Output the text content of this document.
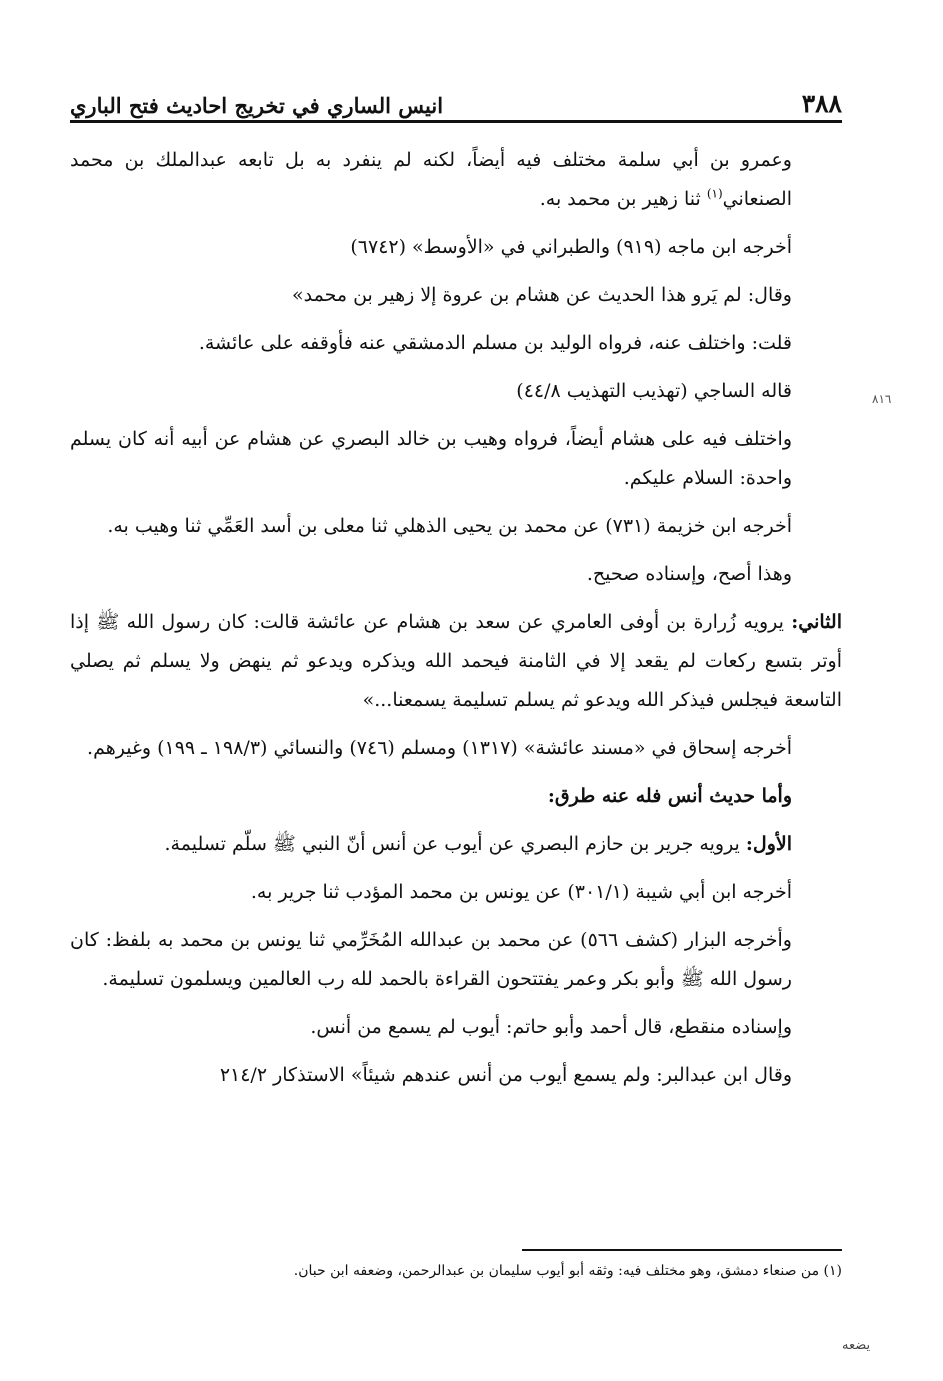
٣٨٨
انيس الساري في تخريج احاديث فتح الباري

وعمرو بن أبي سلمة مختلف فيه أيضاً، لكنه لم ينفرد به بل تابعه عبدالملك بن محمد الصنعاني$^{(١)}$ ثنا زهير بن محمد به.

أخرجه ابن ماجه (٩١٩) والطبراني في «الأوسط» (٦٧٤٢)

وقال: لم يَرو هذا الحديث عن هشام بن عروة إلا زهير بن محمد»

قلت: واختلف عنه، فرواه الوليد بن مسلم الدمشقي عنه فأوقفه على عائشة.

قاله الساجي (تهذيب التهذيب ٤٤/٨)

واختلف فيه على هشام أيضاً، فرواه وهيب بن خالد البصري عن هشام عن أبيه أنه كان يسلم واحدة: السلام عليكم.

أخرجه ابن خزيمة (٧٣١) عن محمد بن يحيى الذهلي ثنا معلى بن أسد العَمِّي ثنا وهيب به.

وهذا أصح، وإسناده صحيح.

الثاني: يرويه زُرارة بن أوفى العامري عن سعد بن هشام عن عائشة قالت: كان رسول الله ﷺ إذا أوتر بتسع ركعات لم يقعد إلا في الثامنة فيحمد الله ويذكره ويدعو ثم ينهض ولا يسلم ثم يصلي التاسعة فيجلس فيذكر الله ويدعو ثم يسلم تسليمة يسمعنا...»

أخرجه إسحاق في «مسند عائشة» (١٣١٧) ومسلم (٧٤٦) والنسائي (١٩٨/٣ ـ ١٩٩) وغيرهم.

وأما حديث أنس فله عنه طرق:

الأول: يرويه جرير بن حازم البصري عن أيوب عن أنس أنّ النبي ﷺ سلّم تسليمة.

أخرجه ابن أبي شيبة (٣٠١/١) عن يونس بن محمد المؤدب ثنا جرير به.

وأخرجه البزار (كشف ٥٦٦) عن محمد بن عبدالله المُخَرِّمي ثنا يونس بن محمد به بلفظ: كان رسول الله ﷺ وأبو بكر وعمر يفتتحون القراءة بالحمد لله رب العالمين ويسلمون تسليمة.

وإسناده منقطع، قال أحمد وأبو حاتم: أيوب لم يسمع من أنس.

وقال ابن عبدالبر: ولم يسمع أيوب من أنس عندهم شيئاً» الاستذكار ٢١٤/٢

٨١٦
(١) من صنعاء دمشق، وهو مختلف فيه: وثقه أبو أيوب سليمان بن عبدالرحمن، وضعفه ابن حبان.
يضعه
